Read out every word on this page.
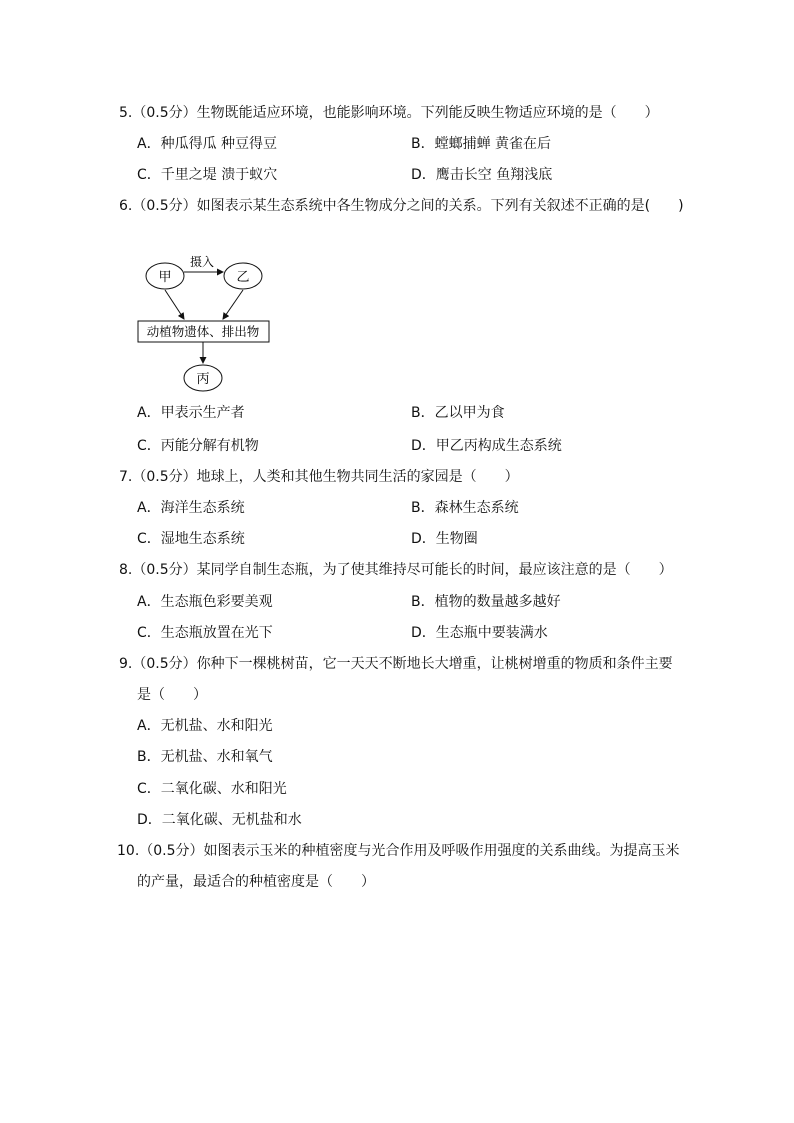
5.（0.5分）生物既能适应环境，也能影响环境。下列能反映生物适应环境的是（　　）
A．种瓜得瓜 种豆得豆	B．螳螂捕蝉 黄雀在后
C．千里之堤 溃于蚁穴	D．鹰击长空 鱼翔浅底
6.（0.5分）如图表示某生态系统中各生物成分之间的关系。下列有关叙述不正确的是(　　)
甲	乙
摄入
动植物遗体、排出物
丙
A．甲表示生产者	B．乙以甲为食
C．丙能分解有机物	D．甲乙丙构成生态系统
7.（0.5分）地球上，人类和其他生物共同生活的家园是（　　）
A．海洋生态系统	B．森林生态系统
C．湿地生态系统	D．生物圈
8.（0.5分）某同学自制生态瓶，为了使其维持尽可能长的时间，最应该注意的是（　　）
A．生态瓶色彩要美观	B．植物的数量越多越好
C．生态瓶放置在光下	D．生态瓶中要装满水
9.（0.5分）你种下一棵桃树苗，它一天天不断地长大增重，让桃树增重的物质和条件主要
是（　　）
A．无机盐、水和阳光
B．无机盐、水和氧气
C．二氧化碳、水和阳光
D．二氧化碳、无机盐和水
10.（0.5分）如图表示玉米的种植密度与光合作用及呼吸作用强度的关系曲线。为提高玉米
的产量，最适合的种植密度是（　　）
